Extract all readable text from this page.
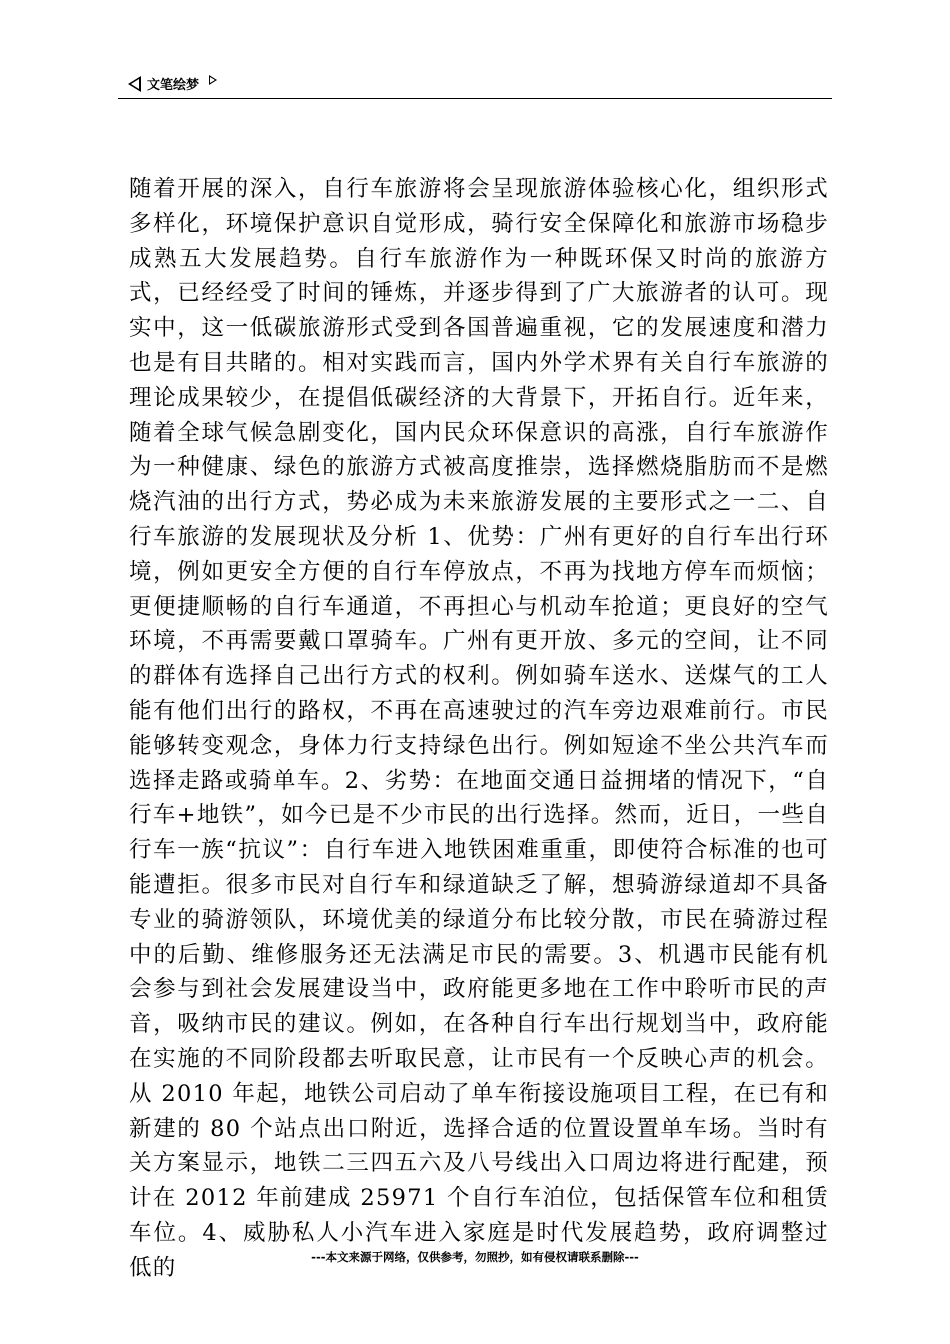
文笔绘梦

随着开展的深入，自行车旅游将会呈现旅游体验核心化，组织形式多样化，环境保护意识自觉形成，骑行安全保障化和旅游市场稳步成熟五大发展趋势。自行车旅游作为一种既环保又时尚的旅游方式，已经经受了时间的锤炼，并逐步得到了广大旅游者的认可。现实中，这一低碳旅游形式受到各国普遍重视，它的发展速度和潜力也是有目共睹的。相对实践而言，国内外学术界有关自行车旅游的理论成果较少，在提倡低碳经济的大背景下，开拓自行。近年来，随着全球气候急剧变化，国内民众环保意识的高涨，自行车旅游作为一种健康、绿色的旅游方式被高度推崇，选择燃烧脂肪而不是燃烧汽油的出行方式，势必成为未来旅游发展的主要形式之一二、自行车旅游的发展现状及分析 1、优势：广州有更好的自行车出行环境，例如更安全方便的自行车停放点，不再为找地方停车而烦恼；更便捷顺畅的自行车通道，不再担心与机动车抢道；更良好的空气环境，不再需要戴口罩骑车。广州有更开放、多元的空间，让不同的群体有选择自己出行方式的权利。例如骑车送水、送煤气的工人能有他们出行的路权，不再在高速驶过的汽车旁边艰难前行。市民能够转变观念，身体力行支持绿色出行。例如短途不坐公共汽车而选择走路或骑单车。2、劣势：在地面交通日益拥堵的情况下，“自行车+地铁”，如今已是不少市民的出行选择。然而，近日，一些自行车一族“抗议”：自行车进入地铁困难重重，即使符合标准的也可能遭拒。很多市民对自行车和绿道缺乏了解，想骑游绿道却不具备专业的骑游领队，环境优美的绿道分布比较分散，市民在骑游过程中的后勤、维修服务还无法满足市民的需要。3、机遇市民能有机会参与到社会发展建设当中，政府能更多地在工作中聆听市民的声音，吸纳市民的建议。例如，在各种自行车出行规划当中，政府能在实施的不同阶段都去听取民意，让市民有一个反映心声的机会。从 2010 年起，地铁公司启动了单车衔接设施项目工程，在已有和新建的 80 个站点出口附近，选择合适的位置设置单车场。当时有关方案显示，地铁二三四五六及八号线出入口周边将进行配建，预计在 2012 年前建成 25971 个自行车泊位，包括保管车位和租赁车位。4、威胁私人小汽车进入家庭是时代发展趋势，政府调整过低的	---本文来源于网络，仅供参考，勿照抄，如有侵权请联系删除---
